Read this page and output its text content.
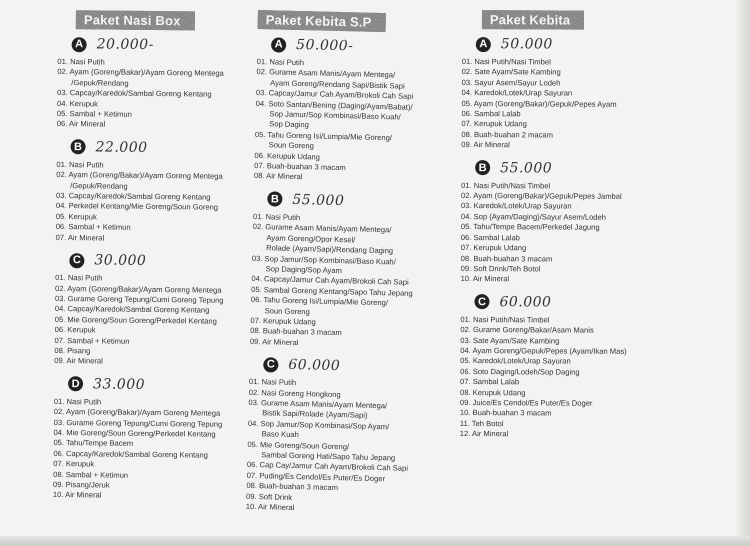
Paket Nasi Box
A 20.000-
01. Nasi Putih
02. Ayam (Goreng/Bakar)/Ayam Goreng Mentega
/Gepuk/Rendang
03. Capcay/Karedok/Sambal Goreng Kentang
04. Kerupuk
05. Sambal + Ketimun
06. Air Mineral
B 22.000
01. Nasi Putih
02. Ayam (Goreng/Bakar)/Ayam Goreng Mentega
/Gepuk/Rendang
03. Capcay/Karedok/Sambal Goreng Kentang
04. Perkedel Kentang/Mie Goreng/Soun Goreng
05. Kerupuk
06. Sambal + Ketimun
07. Air Mineral
C 30.000
01. Nasi Putih
02. Ayam (Goreng/Bakar)/Ayam Goreng Mentega
03. Gurame Goreng Tepung/Cumi Goreng Tepung
04. Capcay/Karedok/Sambal Goreng Kentang
05. Mie Goreng/Soun Goreng/Perkedel Kentang
06. Kerupuk
07. Sambal + Ketimun
08. Pisang
09. Air Mineral
D 33.000
01. Nasi Putih
02. Ayam (Goreng/Bakar)/Ayam Goreng Mentega
03. Gurame Goreng Tepung/Cumi Goreng Tepung
04. Mie Goreng/Soun Goreng/Perkedel Kentang
05. Tahu/Tempe Bacem
06. Capcay/Karedok/Sambal Goreng Kentang
07. Kerupuk
08. Sambal + Ketimun
09. Pisang/Jeruk
10. Air Mineral
Paket Kebita S.P
A 50.000-
01. Nasi Putih
02. Gurame Asam Manis/Ayam Mentega/
Ayam Goreng/Rendang Sapi/Bistik Sapi
03. Capcay/Jamur Cah Ayam/Brokoli Cah Sapi
04. Soto Santan/Bening (Daging/Ayam/Babat)/
Sop Jamur/Sop Kombinasi/Baso Kuah/
Sop Daging
05. Tahu Goreng Isi/Lumpia/Mie Goreng/
Soun Goreng
06. Kerupuk Udang
07. Buah-buahan 3 macam
08. Air Mineral
B 55.000
01. Nasi Putih
02. Gurame Asam Manis/Ayam Mentega/
Ayam Goreng/Opor Kesel/
Rolade (Ayam/Sapi)/Rendang Daging
03. Sop Jamur/Sop Kombinasi/Baso Kuah/
Sop Daging/Sop Ayam
04. Capcay/Jamur Cah Ayam/Brokoli Cah Sapi
05. Sambal Goreng Kentang/Sapo Tahu Jepang
06. Tahu Goreng Isi/Lumpia/Mie Goreng/
Soun Goreng
07. Kerupuk Udang
08. Buah-buahan 3 macam
09. Air Mineral
C 60.000
01. Nasi Putih
02. Nasi Goreng Hongkong
03. Gurame Asam Manis/Ayam Mentega/
Bistik Sapi/Rolade (Ayam/Sapi)
04. Sop Jamur/Sop Kombinasi/Sop Ayam/
Baso Kuah
05. Mie Goreng/Soun Goreng/
Sambal Goreng Hati/Sapo Tahu Jepang
06. Cap Cay/Jamur Cah Ayam/Brokoli Cah Sapi
07. Puding/Es Cendol/Es Puter/Es Doger
08. Buah-buahan 3 macam
09. Soft Drink
10. Air Mineral
Paket Kebita
A 50.000
01. Nasi Putih/Nasi Timbel
02. Sate Ayam/Sate Kambing
03. Sayur Asem/Sayur Lodeh
04. Karedok/Lotek/Urap Sayuran
05. Ayam (Goreng/Bakar)/Gepuk/Pepes Ayam
06. Sambal Lalab
07. Kerupuk Udang
08. Buah-buahan 2 macam
09. Air Mineral
B 55.000
01. Nasi Putih/Nasi Timbel
02. Ayam (Goreng/Bakar)/Gepuk/Pepes Jambal
03. Karedok/Lotek/Urap Sayuran
04. Sop (Ayam/Daging)/Sayur Asem/Lodeh
05. Tahu/Tempe Bacem/Perkedel Jagung
06. Sambal Lalab
07. Kerupuk Udang
08. Buah-buahan 3 macam
09. Soft Drink/Teh Botol
10. Air Mineral
C 60.000
01. Nasi Putih/Nasi Timbel
02. Gurame Goreng/Bakar/Asam Manis
03. Sate Ayam/Sate Kambing
04. Ayam Goreng/Gepuk/Pepes (Ayam/Ikan Mas)
05. Karedok/Lotek/Urap Sayuran
06. Soto Daging/Lodeh/Sop Daging
07. Sambal Lalab
08. Kerupuk Udang
09. Juice/Es Cendol/Es Puter/Es Doger
10. Buah-buahan 3 macam
11. Teh Botol
12. Air Mineral
